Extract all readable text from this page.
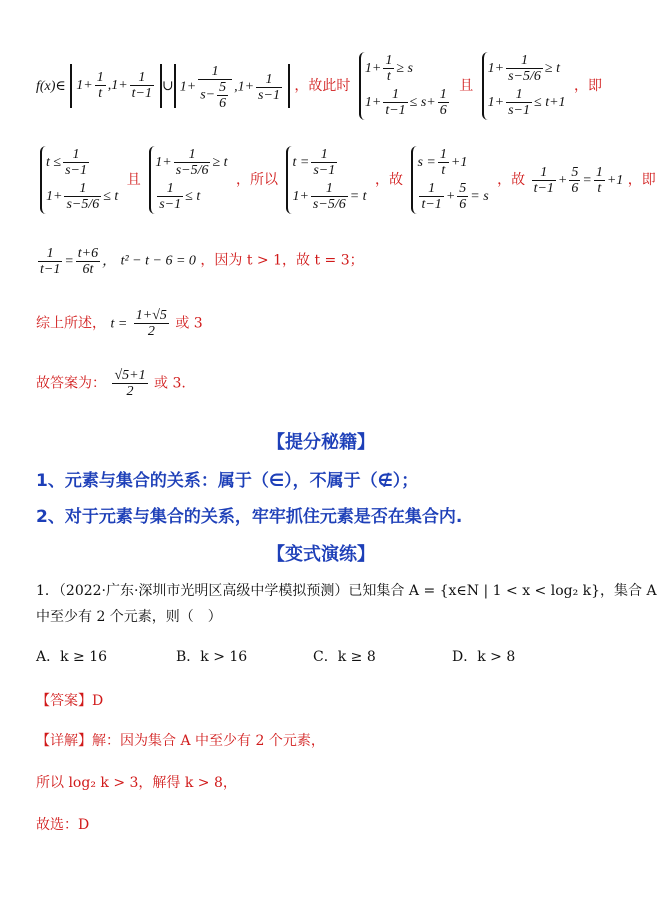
f(x)∈ $1+ \frac{1}{t} ,1+ \frac{1}{t-1}$ ∪ $1+ \frac{1}{s- \frac{5}{6}} ,1+ \frac{1}{s-1}$ ，故此时
$1+ \frac{1}{t} \ge s$
$1+ \frac{1}{t-1} \le s+ \frac{1}{6}$
且
$1+ \frac{1}{s-5/6} \ge t$
$1+ \frac{1}{s-1} \le t+1$
，即
$t \le \frac{1}{s-1}$
$1+ \frac{1}{s-5/6} \le t$
且
$1+ \frac{1}{s-5/6} \ge t$
$\frac{1}{s-1} \le t$
，所以
$t = \frac{1}{s-1}$
$1+ \frac{1}{s-5/6} = t$
，故
$s = \frac{1}{t} +1$
$\frac{1}{t-1} + \frac{5}{6} = s$
，故 $\frac{1}{t-1} + \frac{5}{6} = \frac{1}{t} +1$ ，即
$\frac{1}{t-1} = \frac{t+6}{6t}$ ， t² − t − 6 = 0 ，因为 t > 1，故 t = 3；
综上所述， $t = \frac{1+√5}{2}$ 或 3
故答案为： $\frac{√5+1}{2}$ 或 3.
【提分秘籍】
1、元素与集合的关系：属于（∈），不属于（∉）；
2、对于元素与集合的关系，牢牢抓住元素是否在集合内.
【变式演练】
1．（2022·广东·深圳市光明区高级中学模拟预测）已知集合 A = {x∈N | 1 < x < log₂ k}，集合 A
中至少有 2 个元素，则（　）
A．k ≥ 16	B．k > 16	C．k ≥ 8	D．k > 8
【答案】D
【详解】解：因为集合 A 中至少有 2 个元素，
所以 log₂ k > 3，解得 k > 8，
故选：D
